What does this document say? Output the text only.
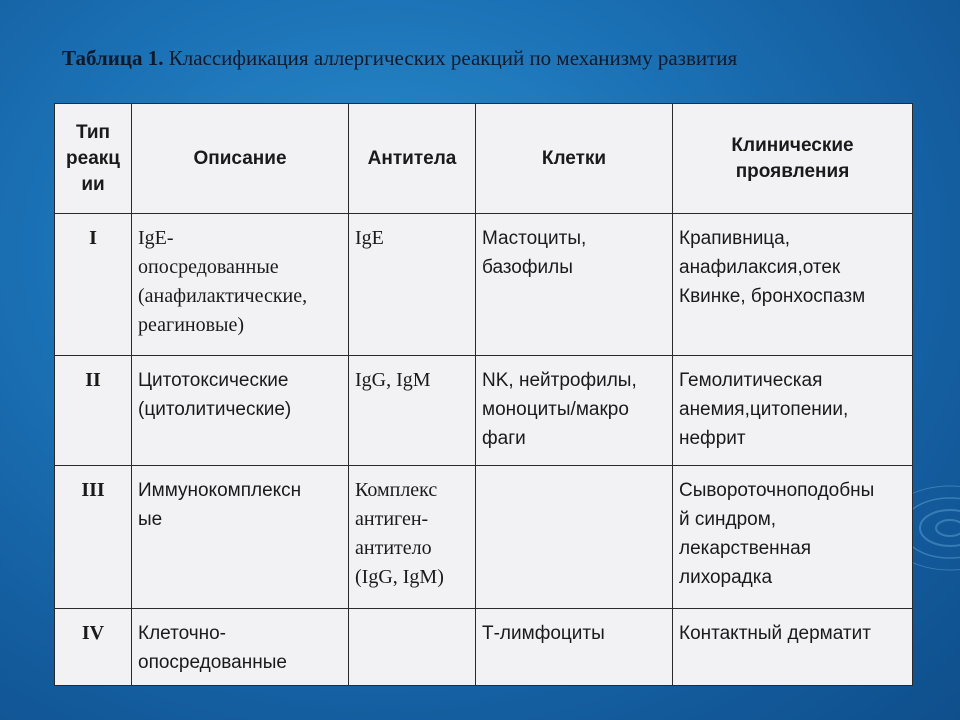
Таблица 1. Классификация аллергических реакций по механизму развития
Тип
реакц
ии	Описание	Антитела	Клетки	Клинические
проявления

I	IgE-
опосредованные
(анафилактические,
реагиновые)	IgE	Мастоциты,
базофилы	Крапивница,
анафилаксия,отек
Квинке, бронхоспазм

II	Цитотоксические
(цитолитические)	IgG, IgM	NK, нейтрофилы,
моноциты/макро
фаги	Гемолитическая
анемия,цитопении,
нефрит

III	Иммунокомплексн
ые	Комплекс
антиген-
антитело
(IgG, IgM)		Сывороточноподобны
й синдром,
лекарственная
лихорадка

IV	Клеточно-
опосредованные		Т-лимфоциты	Контактный дерматит
